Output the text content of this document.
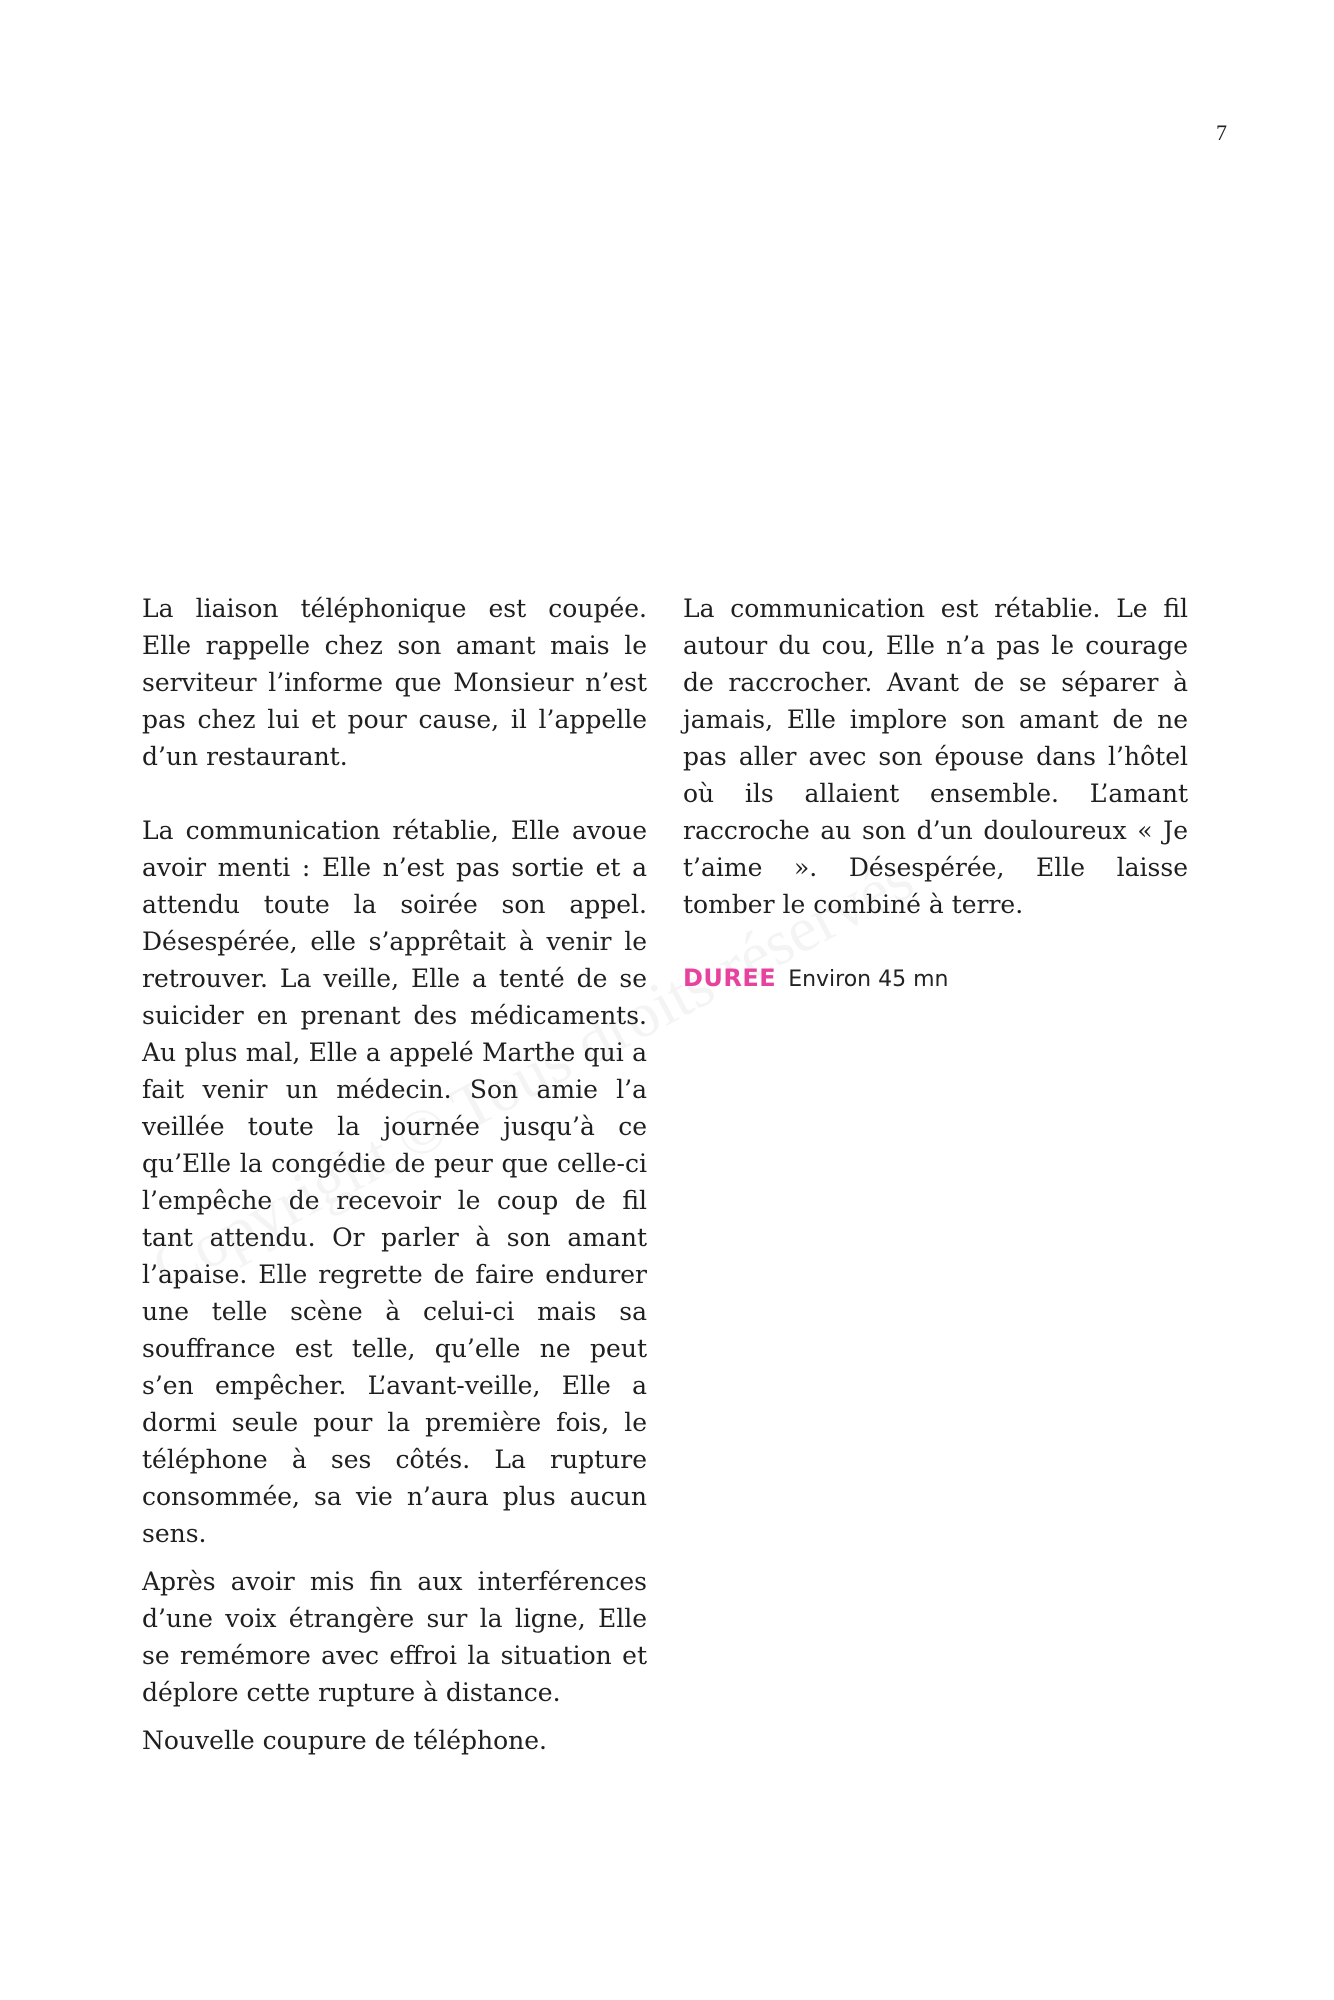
7

La liaison téléphonique est coupée. Elle rappelle chez son amant mais le serviteur l’informe que Monsieur n’est pas chez lui et pour cause, il l’appelle d’un restaurant.

La communication rétablie, Elle avoue avoir menti : Elle n’est pas sortie et a attendu toute la soirée son appel. Désespérée, elle s’apprêtait à venir le retrouver. La veille, Elle a tenté de se suicider en prenant des médicaments. Au plus mal, Elle a appelé Marthe qui a fait venir un médecin. Son amie l’a veillée toute la journée jusqu’à ce qu’Elle la congédie de peur que celle-ci l’empêche de recevoir le coup de fil tant attendu. Or parler à son amant l’apaise. Elle regrette de faire endurer une telle scène à celui-ci mais sa souffrance est telle, qu’elle ne peut s’en empêcher. L’avant-veille, Elle a dormi seule pour la première fois, le téléphone à ses côtés. La rupture consommée, sa vie n’aura plus aucun sens.

Après avoir mis fin aux interférences d’une voix étrangère sur la ligne, Elle se remémore avec effroi la situation et déplore cette rupture à distance.

Nouvelle coupure de téléphone.

La communication est rétablie. Le fil autour du cou, Elle n’a pas le courage de raccrocher. Avant de se séparer à jamais, Elle implore son amant de ne pas aller avec son épouse dans l’hôtel où ils allaient ensemble. L’amant raccroche au son d’un douloureux « Je t’aime ». Désespérée, Elle laisse tomber le combiné à terre.

DUREE Environ 45 mn
